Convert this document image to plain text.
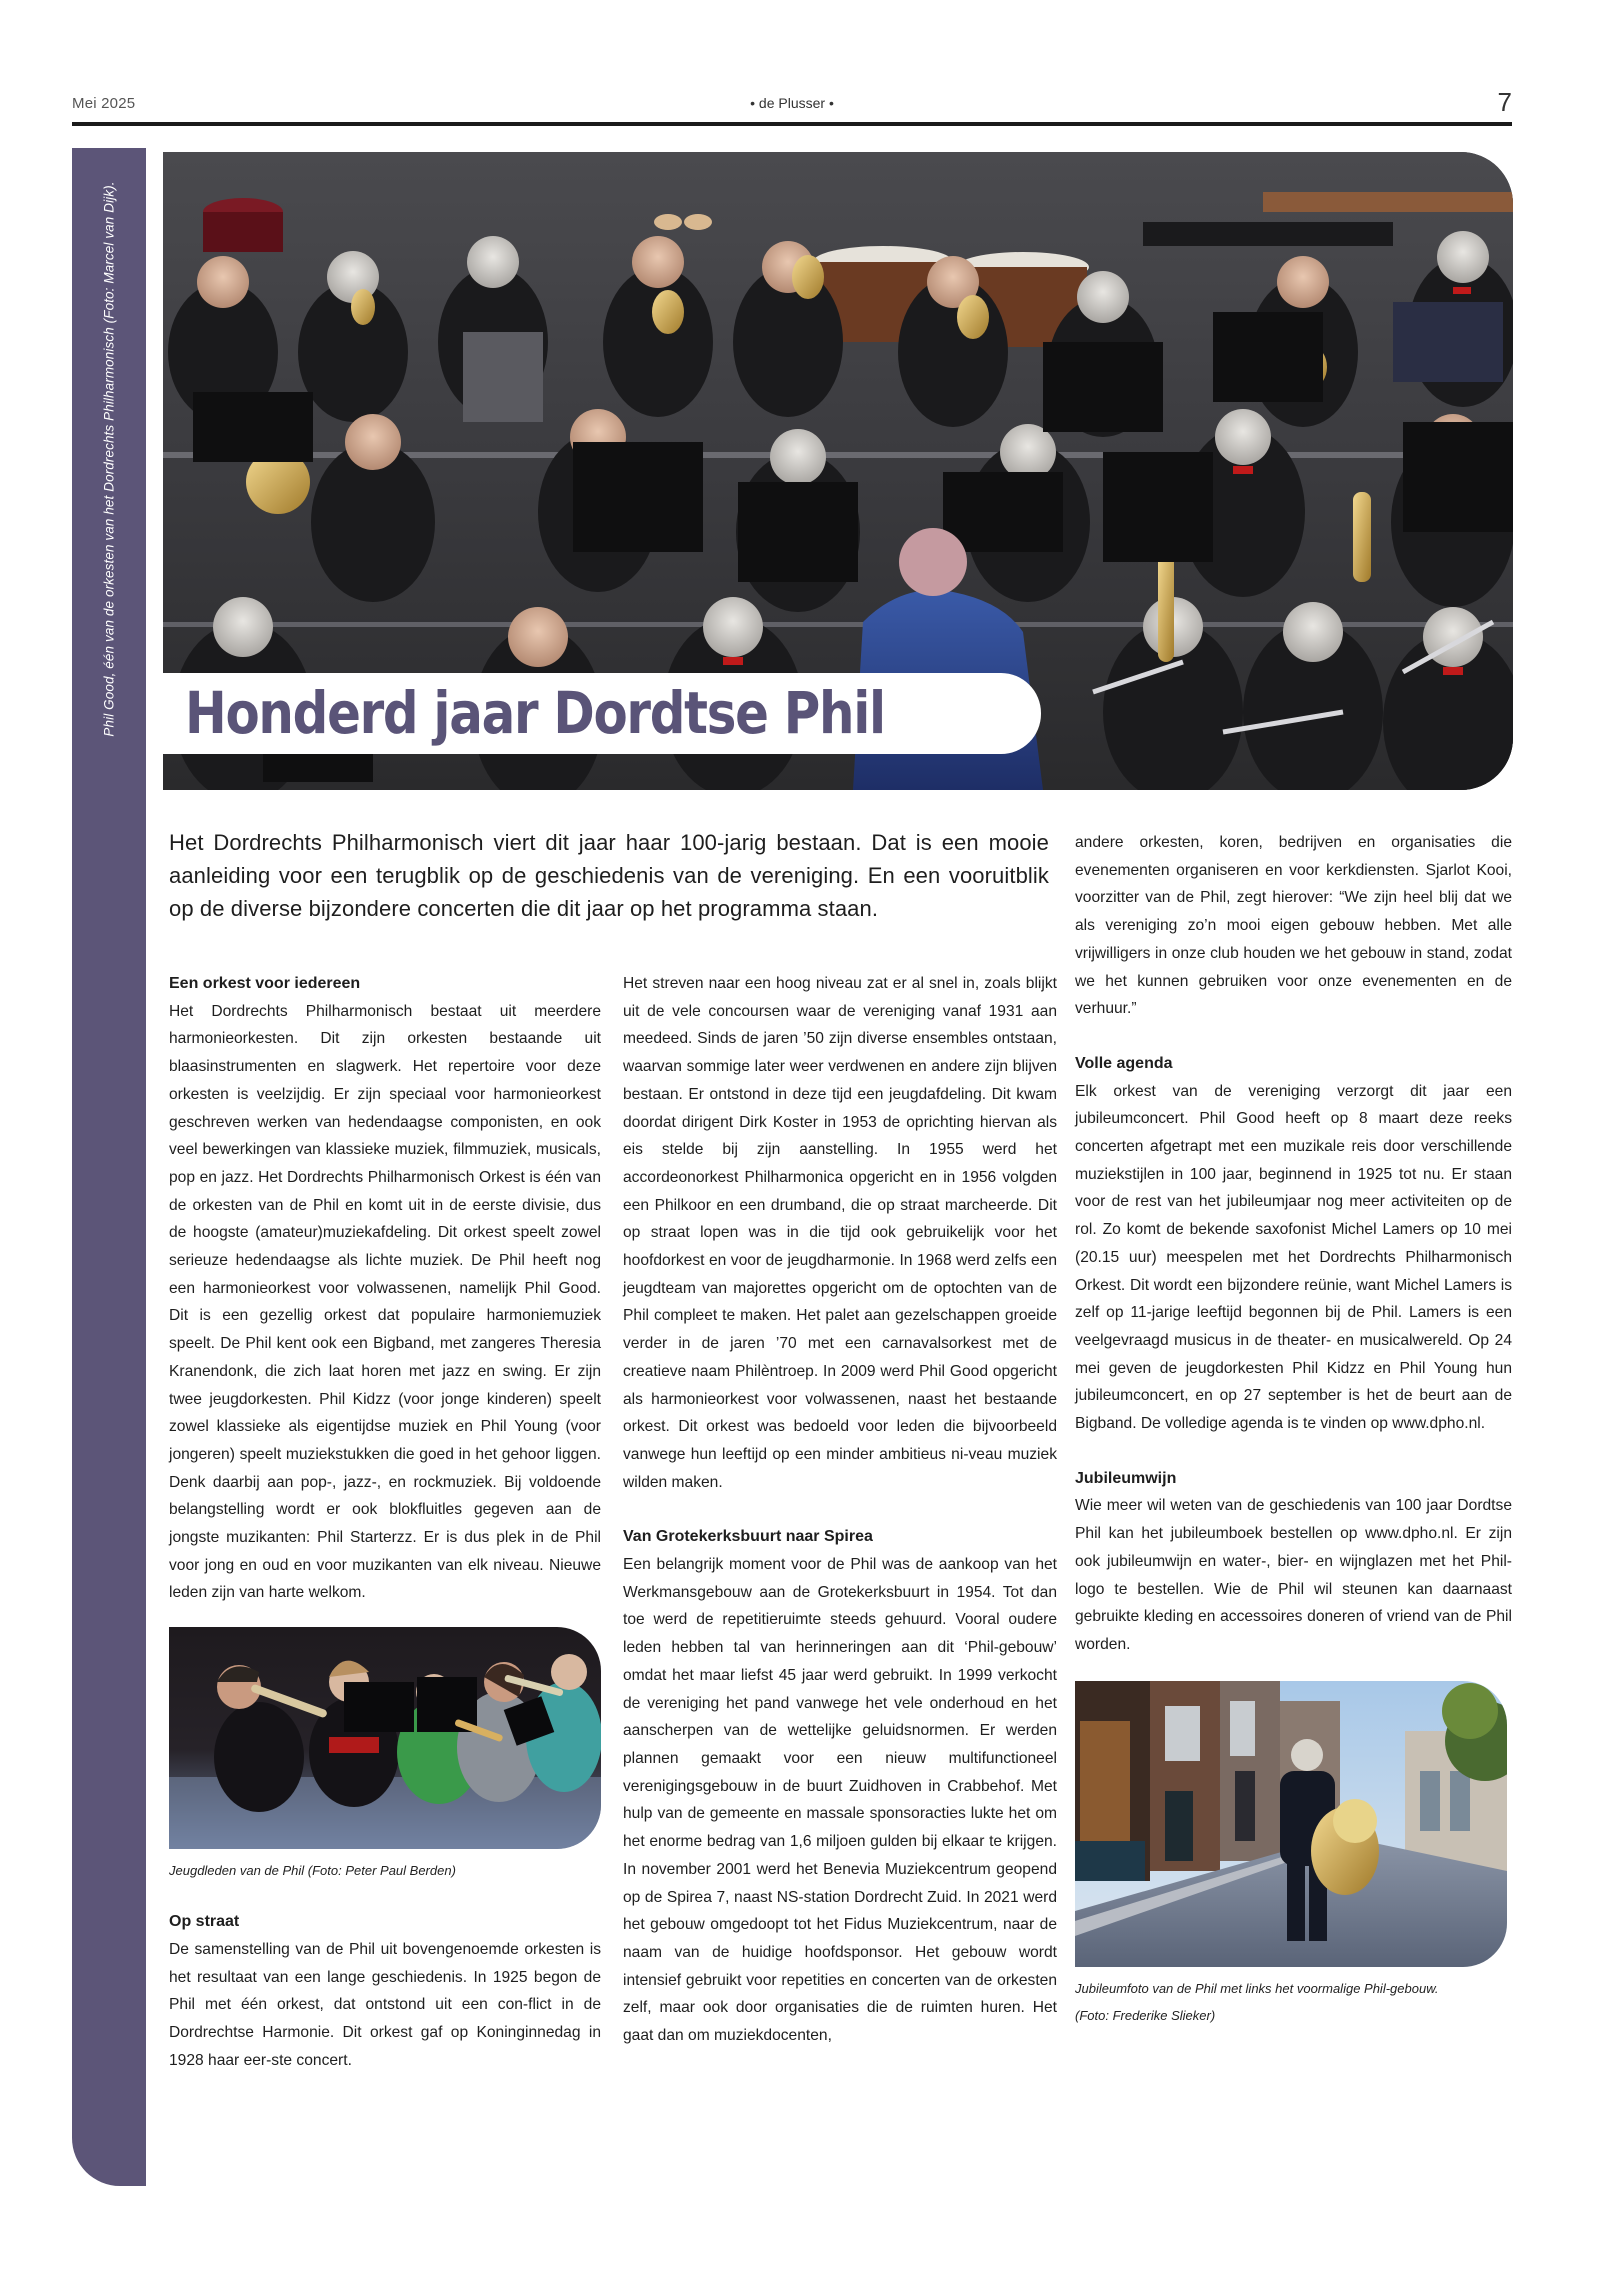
Mei 2025	• de Plusser •	7
Phil Good, één van de orkesten van het Dordrechts Philharmonisch (Foto: Marcel van Dijk). Honderd jaar Dordtse Phil
Het Dordrechts Philharmonisch viert dit jaar haar 100-jarig bestaan. Dat is een mooie aanleiding voor een terugblik op de geschiedenis van de vereniging. En een vooruitblik op de diverse bijzondere concerten die dit jaar op het programma staan.
Een orkest voor iedereen

Het Dordrechts Philharmonisch bestaat uit meerdere harmonieorkesten. Dit zijn orkesten bestaande uit blaasinstrumenten en slagwerk. Het repertoire voor deze orkesten is veelzijdig. Er zijn speciaal voor harmonieorkest geschreven werken van hedendaagse componisten, en ook veel bewerkingen van klassieke muziek, filmmuziek, musicals, pop en jazz. Het Dordrechts Philharmonisch Orkest is één van de orkesten van de Phil en komt uit in de eerste divisie, dus de hoogste (amateur)muziekafdeling. Dit orkest speelt zowel serieuze hedendaagse als lichte muziek. De Phil heeft nog een harmonieorkest voor volwassenen, namelijk Phil Good. Dit is een gezellig orkest dat populaire harmoniemuziek speelt. De Phil kent ook een Bigband, met zangeres Theresia Kranendonk, die zich laat horen met jazz en swing. Er zijn twee jeugdorkesten. Phil Kidzz (voor jonge kinderen) speelt zowel klassieke als eigentijdse muziek en Phil Young (voor jongeren) speelt muziekstukken die goed in het gehoor liggen. Denk daarbij aan pop-, jazz-, en rockmuziek. Bij voldoende belangstelling wordt er ook blokfluitles gegeven aan de jongste muzikanten: Phil Starterzz. Er is dus plek in de Phil voor jong en oud en voor muzikanten van elk niveau. Nieuwe leden zijn van harte welkom.

Jeugdleden van de Phil (Foto: Peter Paul Berden)
Op straat

De samenstelling van de Phil uit bovengenoemde orkesten is het resultaat van een lange geschiedenis. In 1925 begon de Phil met één orkest, dat ontstond uit een con-flict in de Dordrechtse Harmonie. Dit orkest gaf op Koninginnedag in 1928 haar eer-ste concert.

Het streven naar een hoog niveau zat er al snel in, zoals blijkt uit de vele concoursen waar de vereniging vanaf 1931 aan meedeed. Sinds de jaren ’50 zijn diverse ensembles ontstaan, waarvan sommige later weer verdwenen en andere zijn blijven bestaan. Er ontstond in deze tijd een jeugdafdeling. Dit kwam doordat dirigent Dirk Koster in 1953 de oprichting hiervan als eis stelde bij zijn aanstelling. In 1955 werd het accordeonorkest Philharmonica opgericht en in 1956 volgden een Philkoor en een drumband, die op straat marcheerde. Dit op straat lopen was in die tijd ook gebruikelijk voor het hoofdorkest en voor de jeugdharmonie. In 1968 werd zelfs een jeugdteam van majorettes opgericht om de optochten van de Phil compleet te maken. Het palet aan gezelschappen groeide verder in de jaren ’70 met een carnavalsorkest met de creatieve naam Philèntroep. In 2009 werd Phil Good opgericht als harmonieorkest voor volwassenen, naast het bestaande orkest. Dit orkest was bedoeld voor leden die bijvoorbeeld vanwege hun leeftijd op een minder ambitieus ni-veau muziek wilden maken.

Van Grotekerksbuurt naar Spirea

Een belangrijk moment voor de Phil was de aankoop van het Werkmansgebouw aan de Grotekerksbuurt in 1954. Tot dan toe werd de repetitieruimte steeds gehuurd. Vooral oudere leden hebben tal van herinneringen aan dit ‘Phil-gebouw’ omdat het maar liefst 45 jaar werd gebruikt. In 1999 verkocht de vereniging het pand vanwege het vele onderhoud en het aanscherpen van de wettelijke geluidsnormen. Er werden plannen gemaakt voor een nieuw multifunctioneel verenigingsgebouw in de buurt Zuidhoven in Crabbehof. Met hulp van de gemeente en massale sponsoracties lukte het om het enorme bedrag van 1,6 miljoen gulden bij elkaar te krijgen. In november 2001 werd het Benevia Muziekcentrum geopend op de Spirea 7, naast NS-station Dordrecht Zuid. In 2021 werd het gebouw omgedoopt tot het Fidus Muziekcentrum, naar de naam van de huidige hoofdsponsor. Het gebouw wordt intensief gebruikt voor repetities en concerten van de orkesten zelf, maar ook door organisaties die de ruimten huren. Het gaat dan om muziekdocenten,

andere orkesten, koren, bedrijven en organisaties die evenementen organiseren en voor kerkdiensten. Sjarlot Kooi, voorzitter van de Phil, zegt hierover: “We zijn heel blij dat we als vereniging zo’n mooi eigen gebouw hebben. Met alle vrijwilligers in onze club houden we het gebouw in stand, zodat we het kunnen gebruiken voor onze evenementen en de verhuur.”

Volle agenda

Elk orkest van de vereniging verzorgt dit jaar een jubileumconcert. Phil Good heeft op 8 maart deze reeks concerten afgetrapt met een muzikale reis door verschillende muziekstijlen in 100 jaar, beginnend in 1925 tot nu. Er staan voor de rest van het jubileumjaar nog meer activiteiten op de rol. Zo komt de bekende saxofonist Michel Lamers op 10 mei (20.15 uur) meespelen met het Dordrechts Philharmonisch Orkest. Dit wordt een bijzondere reünie, want Michel Lamers is zelf op 11-jarige leeftijd begonnen bij de Phil. Lamers is een veelgevraagd musicus in de theater- en musicalwereld. Op 24 mei geven de jeugdorkesten Phil Kidzz en Phil Young hun jubileumconcert, en op 27 september is het de beurt aan de Bigband. De volledige agenda is te vinden op www.dpho.nl.

Jubileumwijn

Wie meer wil weten van de geschiedenis van 100 jaar Dordtse Phil kan het jubileumboek bestellen op www.dpho.nl. Er zijn ook jubileumwijn en water-, bier- en wijnglazen met het Phil-logo te bestellen. Wie de Phil wil steunen kan daarnaast gebruikte kleding en accessoires doneren of vriend van de Phil worden.

Jubileumfoto van de Phil met links het voormalige Phil-gebouw.
(Foto: Frederike Slieker)
